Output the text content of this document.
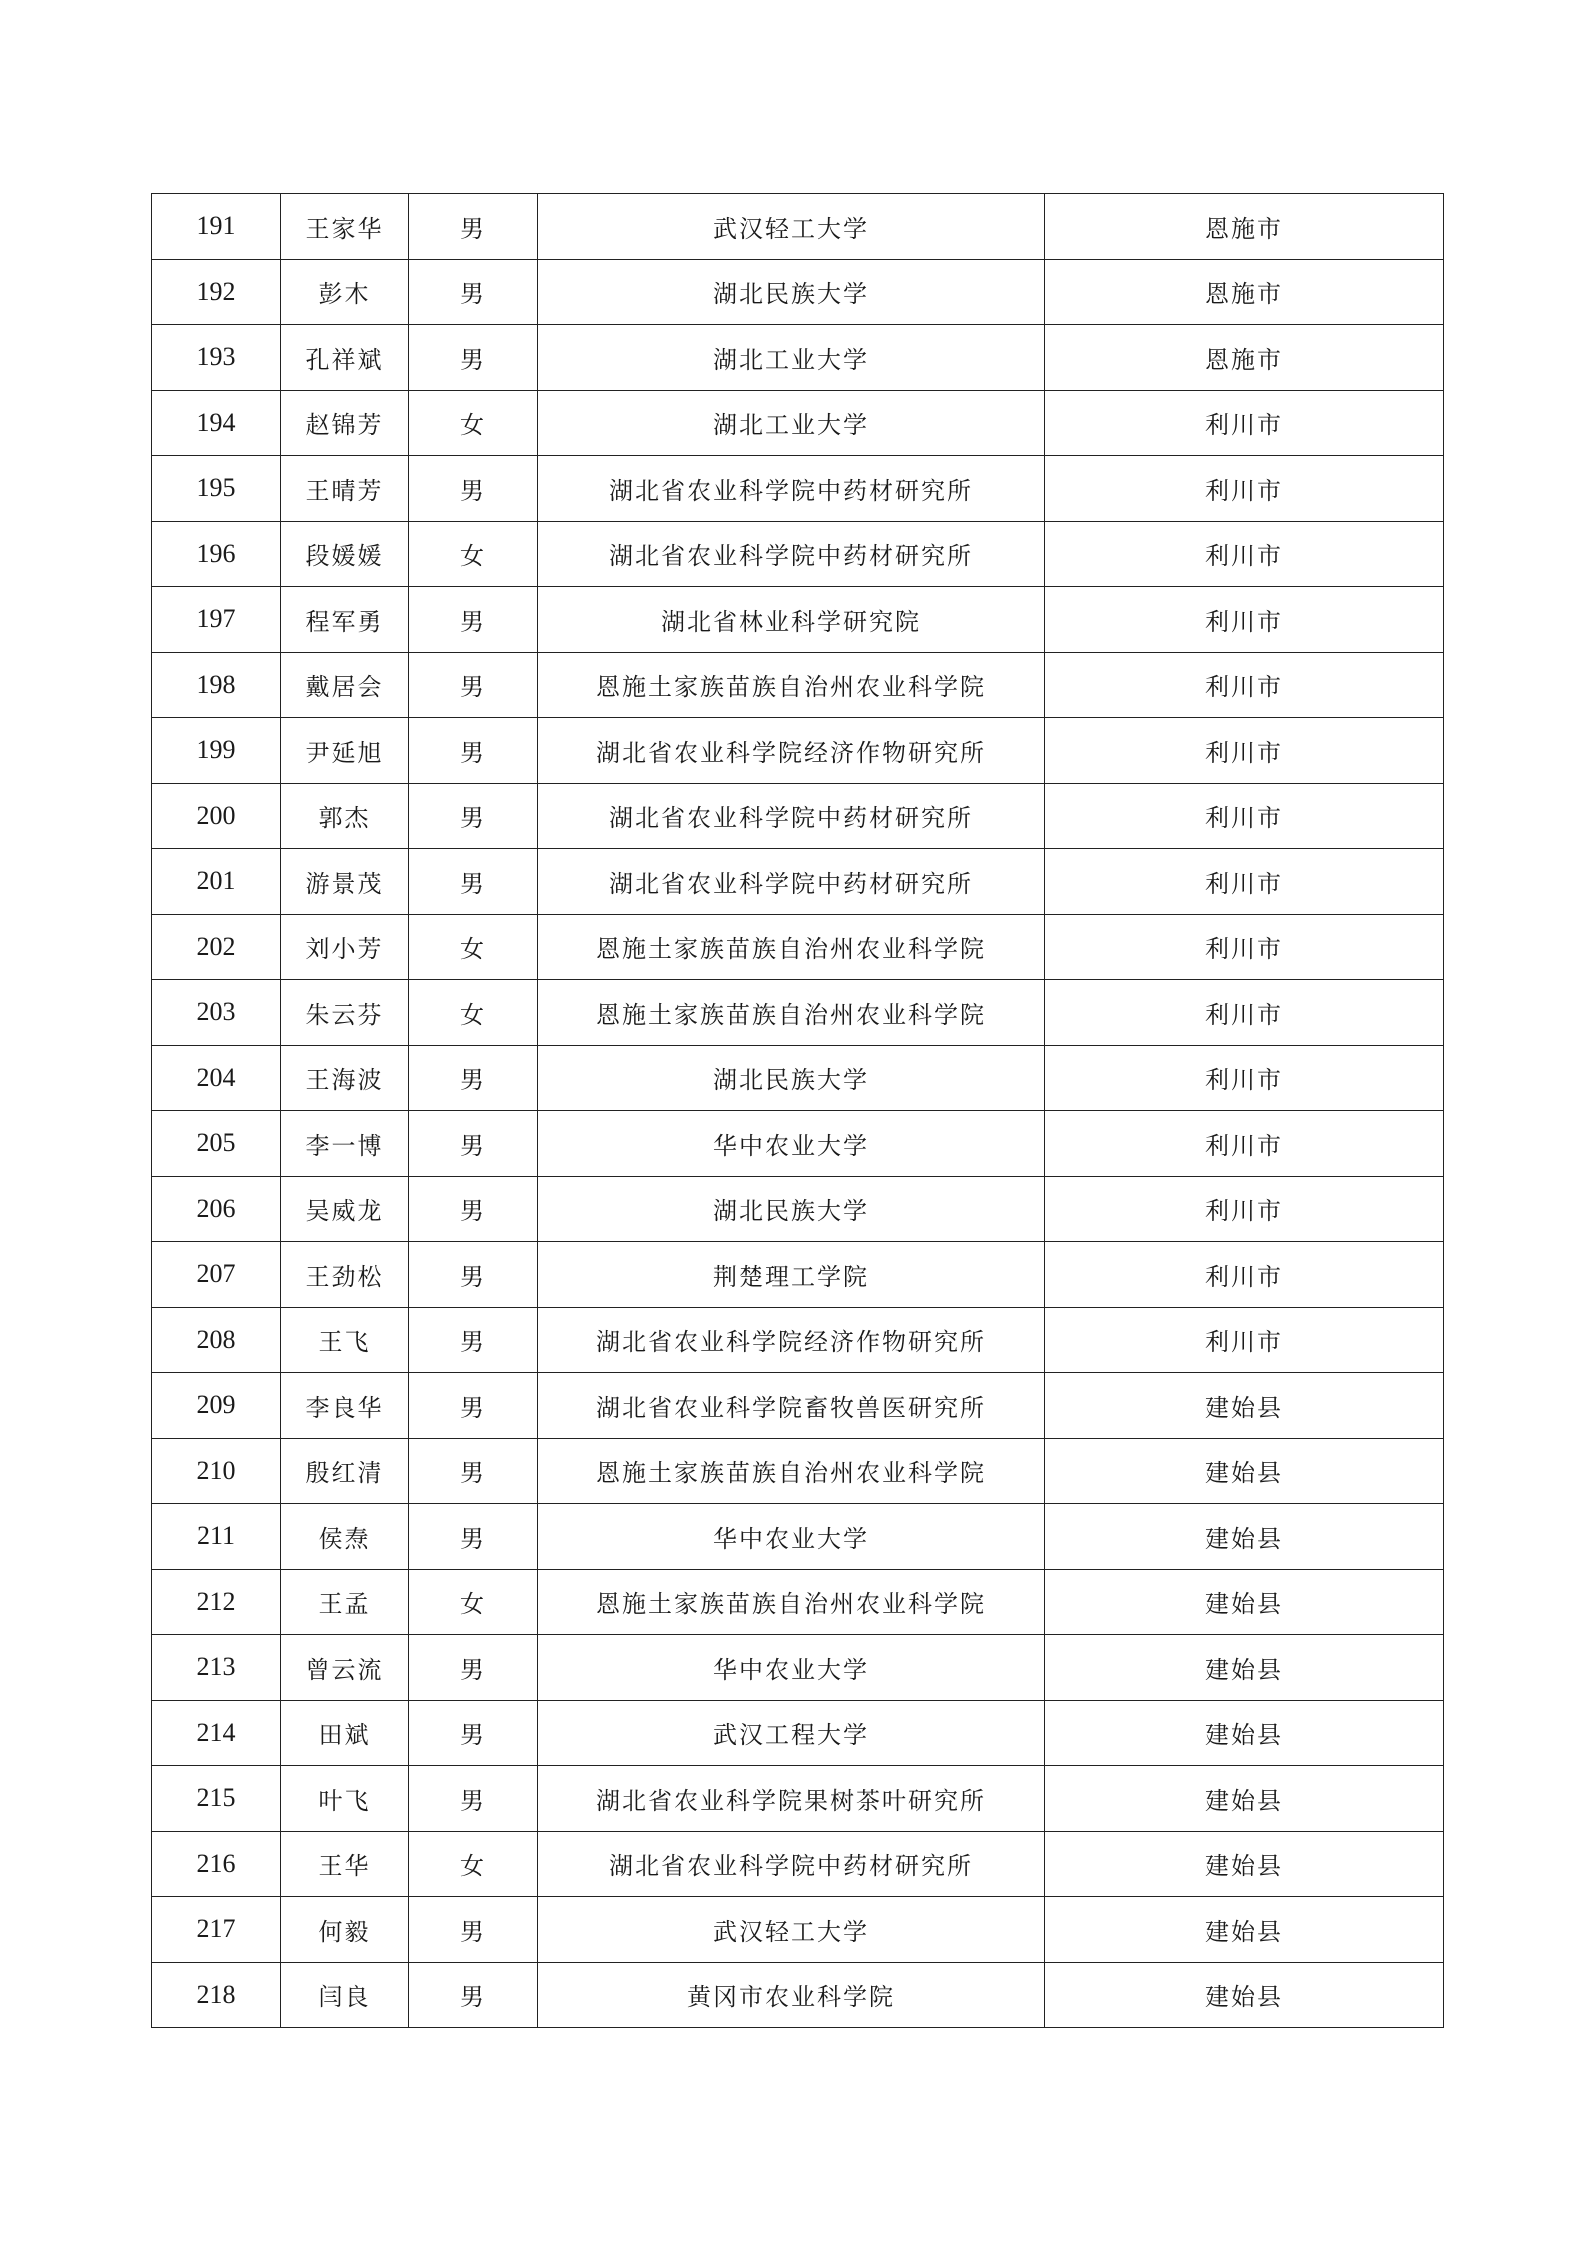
191	王家华	男	武汉轻工大学	恩施市
192	彭木	男	湖北民族大学	恩施市
193	孔祥斌	男	湖北工业大学	恩施市
194	赵锦芳	女	湖北工业大学	利川市
195	王晴芳	男	湖北省农业科学院中药材研究所	利川市
196	段媛媛	女	湖北省农业科学院中药材研究所	利川市
197	程军勇	男	湖北省林业科学研究院	利川市
198	戴居会	男	恩施土家族苗族自治州农业科学院	利川市
199	尹延旭	男	湖北省农业科学院经济作物研究所	利川市
200	郭杰	男	湖北省农业科学院中药材研究所	利川市
201	游景茂	男	湖北省农业科学院中药材研究所	利川市
202	刘小芳	女	恩施土家族苗族自治州农业科学院	利川市
203	朱云芬	女	恩施土家族苗族自治州农业科学院	利川市
204	王海波	男	湖北民族大学	利川市
205	李一博	男	华中农业大学	利川市
206	吴威龙	男	湖北民族大学	利川市
207	王劲松	男	荆楚理工学院	利川市
208	王飞	男	湖北省农业科学院经济作物研究所	利川市
209	李良华	男	湖北省农业科学院畜牧兽医研究所	建始县
210	殷红清	男	恩施土家族苗族自治州农业科学院	建始县
211	侯焘	男	华中农业大学	建始县
212	王孟	女	恩施土家族苗族自治州农业科学院	建始县
213	曾云流	男	华中农业大学	建始县
214	田斌	男	武汉工程大学	建始县
215	叶飞	男	湖北省农业科学院果树茶叶研究所	建始县
216	王华	女	湖北省农业科学院中药材研究所	建始县
217	何毅	男	武汉轻工大学	建始县
218	闫良	男	黄冈市农业科学院	建始县
